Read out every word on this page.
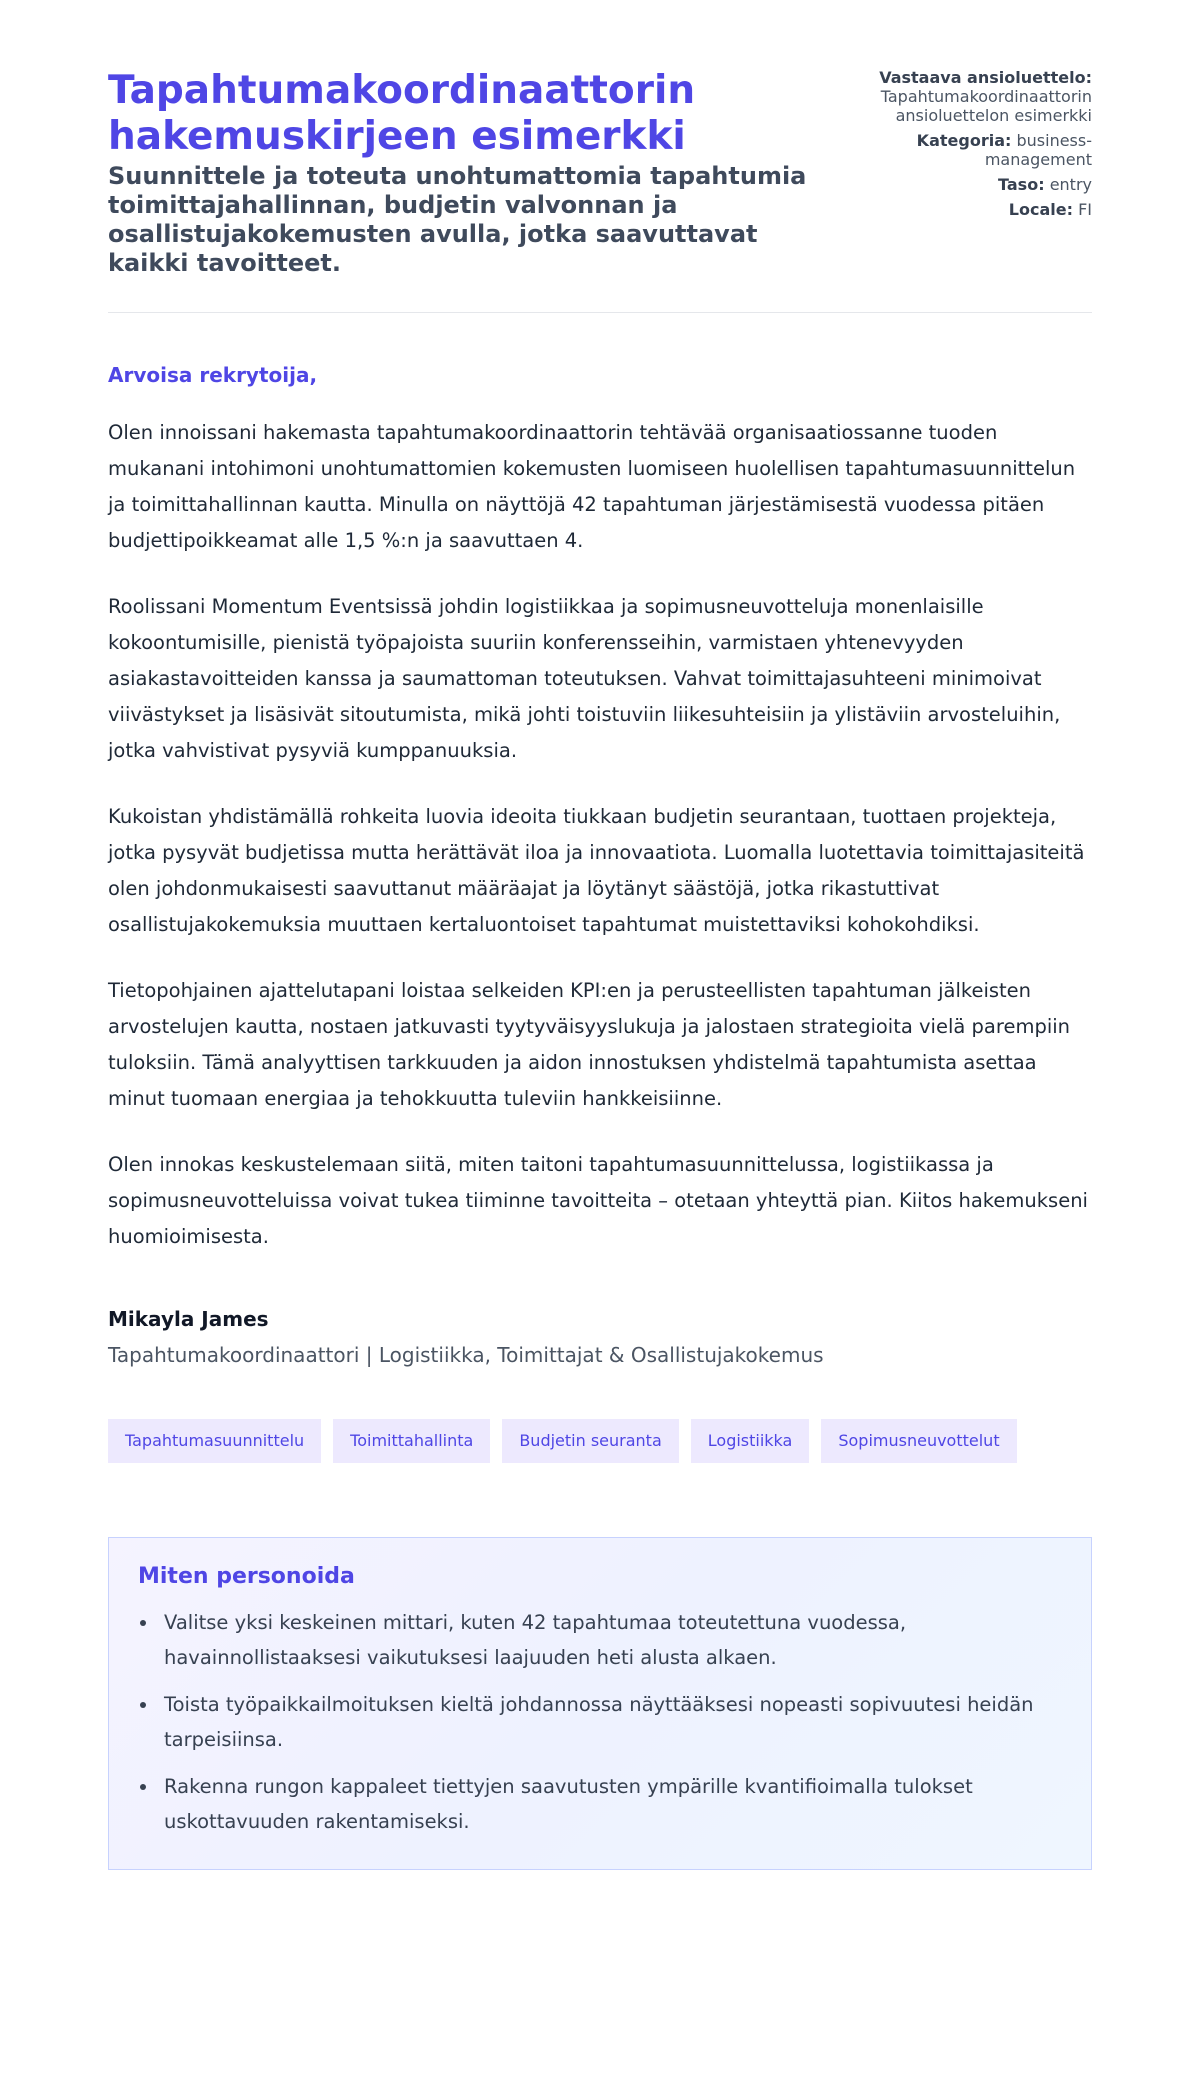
Tapahtumakoordinaattorin hakemuskirjeen esimerkki
Suunnittele ja toteuta unohtumattomia tapahtumia toimittajahallinnan, budjetin valvonnan ja osallistujakokemusten avulla, jotka saavuttavat kaikki tavoitteet.
Vastaava ansioluettelo: Tapahtumakoordinaattorin ansioluettelon esimerkki
Kategoria: business-management
Taso: entry
Locale: FI
Arvoisa rekrytoija,

Olen innoissani hakemasta tapahtumakoordinaattorin tehtävää organisaatiossanne tuoden mukanani intohimoni unohtumattomien kokemusten luomiseen huolellisen tapahtumasuunnittelun ja toimittahallinnan kautta. Minulla on näyttöjä 42 tapahtuman järjestämisestä vuodessa pitäen budjettipoikkeamat alle 1,5 %:n ja saavuttaen 4.

Roolissani Momentum Eventsissä johdin logistiikkaa ja sopimusneuvotteluja monenlaisille kokoontumisille, pienistä työpajoista suuriin konferensseihin, varmistaen yhtenevyyden asiakastavoitteiden kanssa ja saumattoman toteutuksen. Vahvat toimittajasuhteeni minimoivat viivästykset ja lisäsivät sitoutumista, mikä johti toistuviin liikesuhteisiin ja ylistäviin arvosteluihin, jotka vahvistivat pysyviä kumppanuuksia.

Kukoistan yhdistämällä rohkeita luovia ideoita tiukkaan budjetin seurantaan, tuottaen projekteja, jotka pysyvät budjetissa mutta herättävät iloa ja innovaatiota. Luomalla luotettavia toimittajasiteitä olen johdonmukaisesti saavuttanut määräajat ja löytänyt säästöjä, jotka rikastuttivat osallistujakokemuksia muuttaen kertaluontoiset tapahtumat muistettaviksi kohokohdiksi.

Tietopohjainen ajattelutapani loistaa selkeiden KPI:en ja perusteellisten tapahtuman jälkeisten arvostelujen kautta, nostaen jatkuvasti tyytyväisyyslukuja ja jalostaen strategioita vielä parempiin tuloksiin. Tämä analyyttisen tarkkuuden ja aidon innostuksen yhdistelmä tapahtumista asettaa minut tuomaan energiaa ja tehokkuutta tuleviin hankkeisiinne.

Olen innokas keskustelemaan siitä, miten taitoni tapahtumasuunnittelussa, logistiikassa ja sopimusneuvotteluissa voivat tukea tiiminne tavoitteita – otetaan yhteyttä pian. Kiitos hakemukseni huomioimisesta.

Mikayla James
Tapahtumakoordinaattori | Logistiikka, Toimittajat & Osallistujakokemus
Tapahtumasuunnittelu	Toimittahallinta	Budjetin seuranta	Logistiikka	Sopimusneuvottelut
Miten personoida
Valitse yksi keskeinen mittari, kuten 42 tapahtumaa toteutettuna vuodessa, havainnollistaaksesi vaikutuksesi laajuuden heti alusta alkaen.
Toista työpaikkailmoituksen kieltä johdannossa näyttääksesi nopeasti sopivuutesi heidän tarpeisiinsa.
Rakenna rungon kappaleet tiettyjen saavutusten ympärille kvantifioimalla tulokset uskottavuuden rakentamiseksi.
